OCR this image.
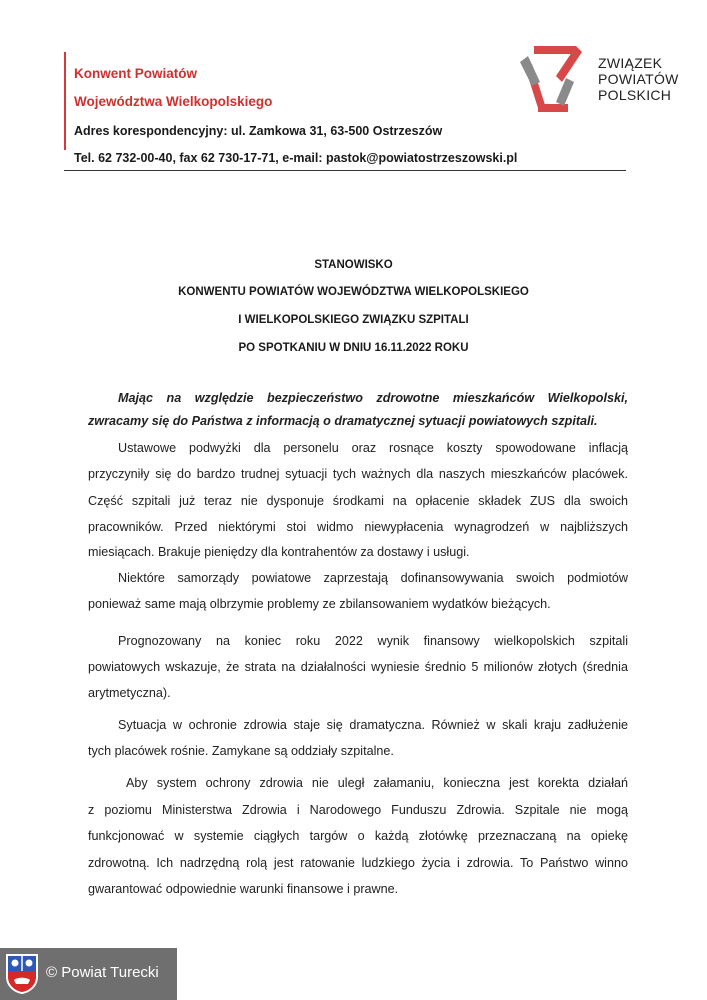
Konwent Powiatów
Województwa Wielkopolskiego
Adres korespondencyjny: ul. Zamkowa 31, 63-500 Ostrzeszów
Tel. 62 732-00-40, fax 62 730-17-71, e-mail: pastok@powiatostrzeszowski.pl
ZWIĄZEK
POWIATÓW
POLSKICH
STANOWISKO
KONWENTU POWIATÓW WOJEWÓDZTWA WIELKOPOLSKIEGO
I WIELKOPOLSKIEGO ZWIĄZKU SZPITALI
PO SPOTKANIU W DNIU 16.11.2022 ROKU
Mając na względzie bezpieczeństwo zdrowotne mieszkańców Wielkopolski,
zwracamy się do Państwa z informacją o dramatycznej sytuacji powiatowych szpitali.
Ustawowe podwyżki dla personelu oraz rosnące koszty spowodowane inflacją
przyczyniły się do bardzo trudnej sytuacji tych ważnych dla naszych mieszkańców placówek.
Część szpitali już teraz nie dysponuje środkami na opłacenie składek ZUS dla swoich
pracowników. Przed niektórymi stoi widmo niewypłacenia wynagrodzeń w najbliższych
miesiącach. Brakuje pieniędzy dla kontrahentów za dostawy i usługi.
Niektóre samorządy powiatowe zaprzestają dofinansowywania swoich podmiotów
ponieważ same mają olbrzymie problemy ze zbilansowaniem wydatków bieżących.
Prognozowany na koniec roku 2022 wynik finansowy wielkopolskich szpitali
powiatowych wskazuje, że strata na działalności wyniesie średnio 5 milionów złotych (średnia
arytmetyczna).
Sytuacja w ochronie zdrowia staje się dramatyczna. Również w skali kraju zadłużenie
tych placówek rośnie. Zamykane są oddziały szpitalne.
Aby system ochrony zdrowia nie uległ załamaniu, konieczna jest korekta działań
z poziomu Ministerstwa Zdrowia i Narodowego Funduszu Zdrowia. Szpitale nie mogą
funkcjonować w systemie ciągłych targów o każdą złotówkę przeznaczaną na opiekę
zdrowotną. Ich nadrzędną rolą jest ratowanie ludzkiego życia i zdrowia. To Państwo winno
gwarantować odpowiednie warunki finansowe i prawne.
© Powiat Turecki
